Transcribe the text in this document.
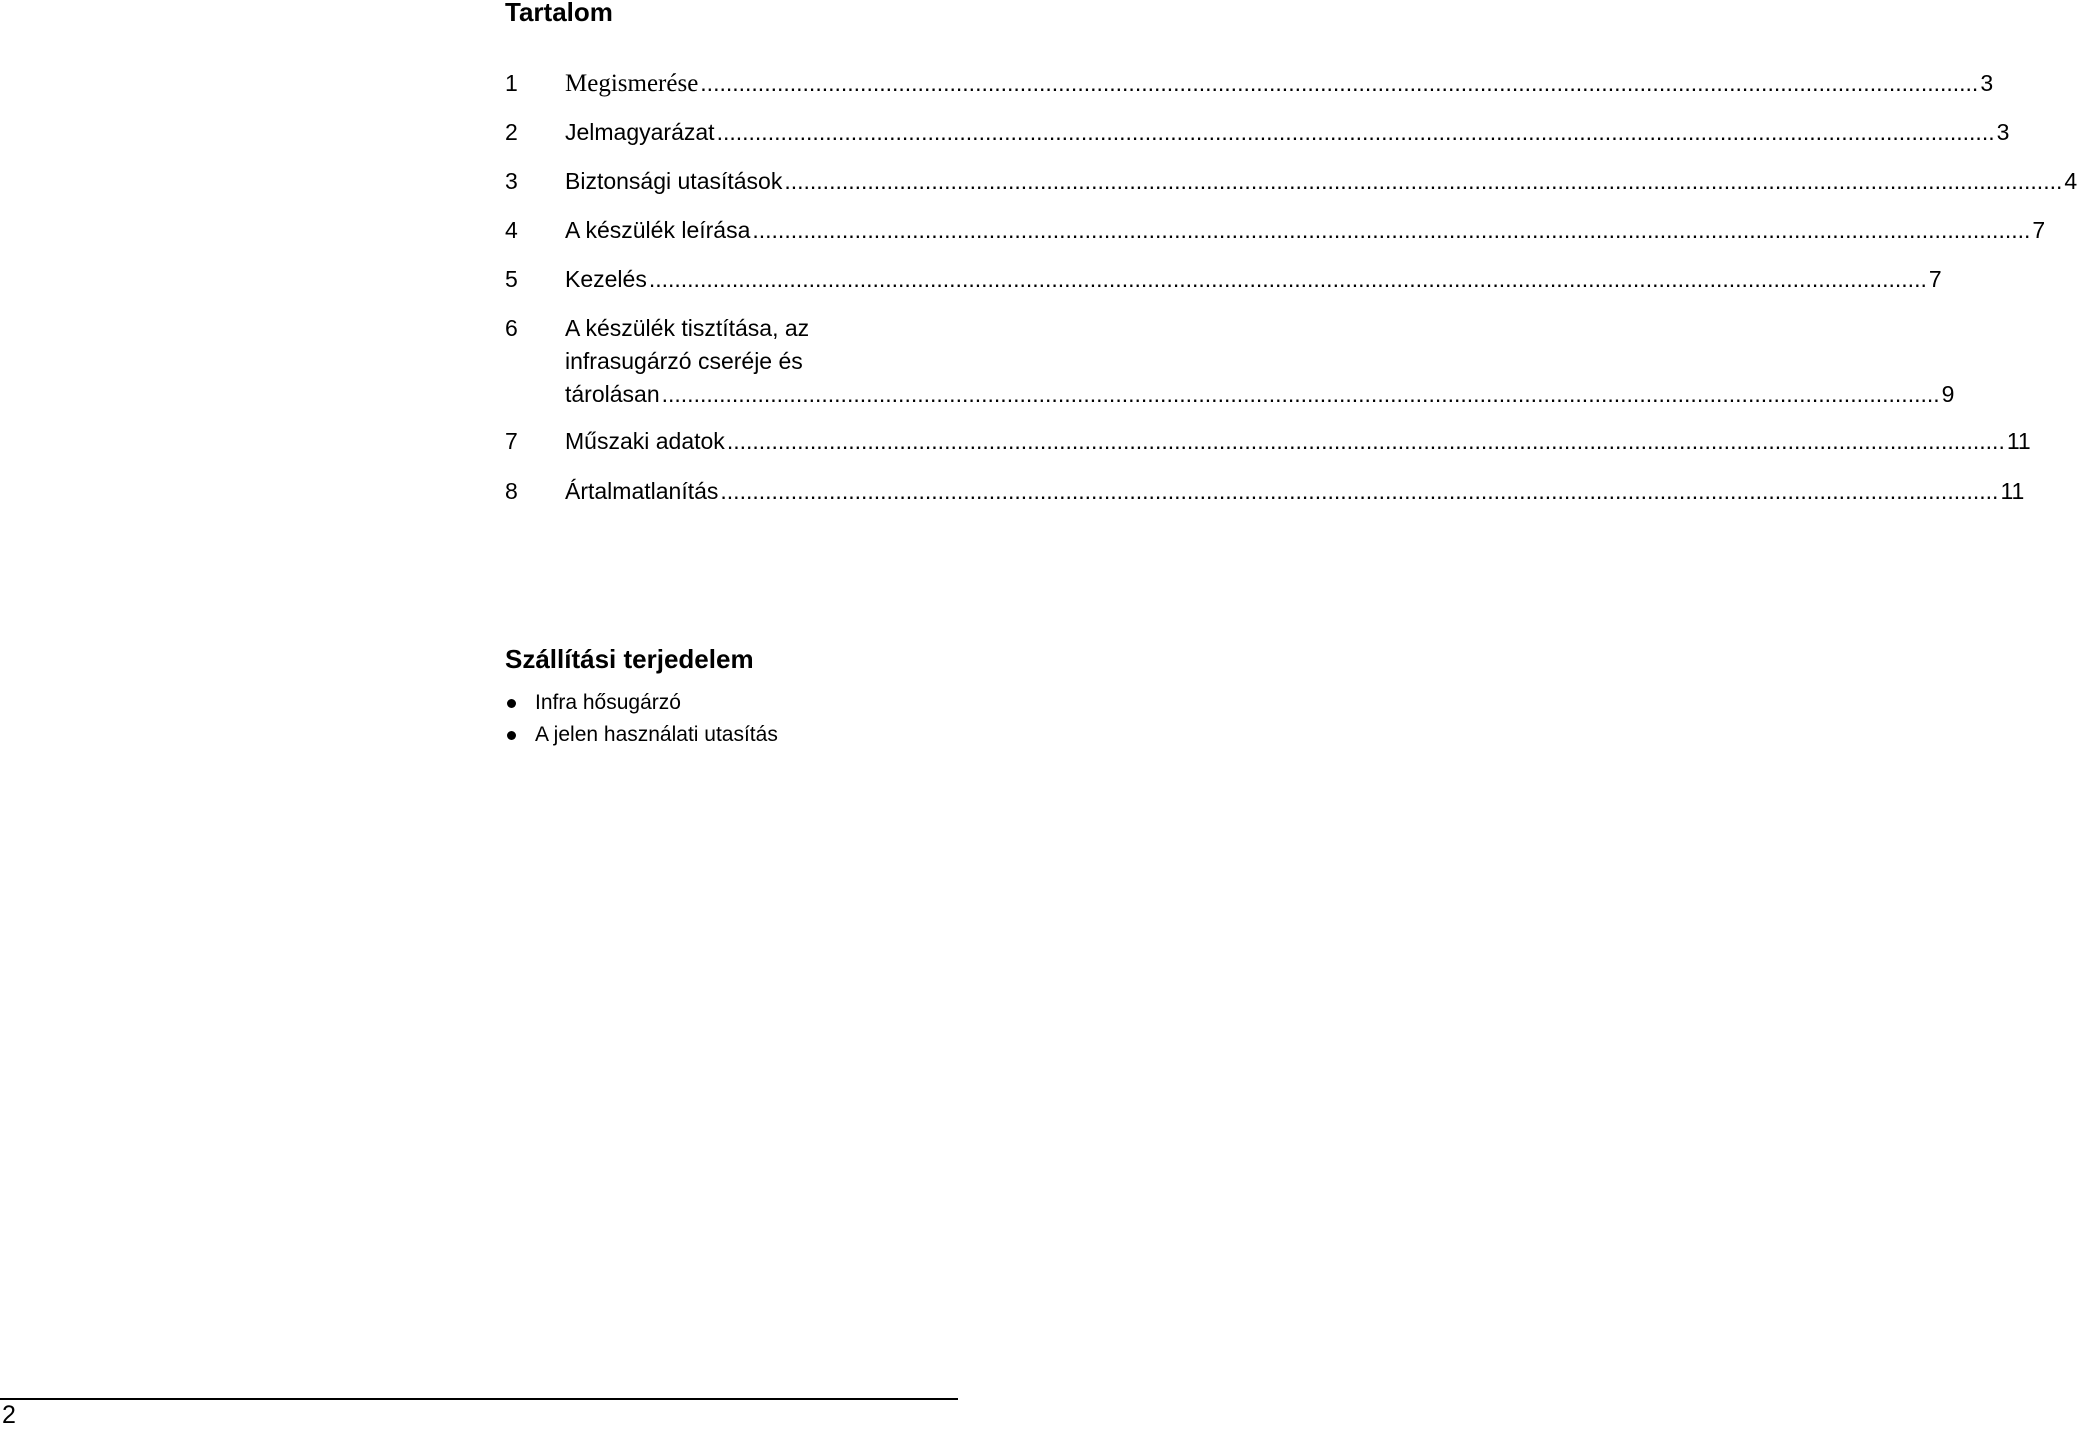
Tartalom
1	Megismerése ........................................................................................................................................................................................................ 3
2	Jelmagyarázat ........................................................................................................................................................................................................ 3
3	Biztonsági utasítások ........................................................................................................................................................................................................ 4
4	A készülék leírása ........................................................................................................................................................................................................ 7
5	Kezelés ........................................................................................................................................................................................................ 7
6	A készülék tisztítása, az
infrasugárzó cseréje és
tárolásan ........................................................................................................................................................................................................ 9
7	Műszaki adatok ........................................................................................................................................................................................................ 11
8	Ártalmatlanítás ........................................................................................................................................................................................................ 11
Szállítási terjedelem
Infra hősugárzó
A jelen használati utasítás
2
